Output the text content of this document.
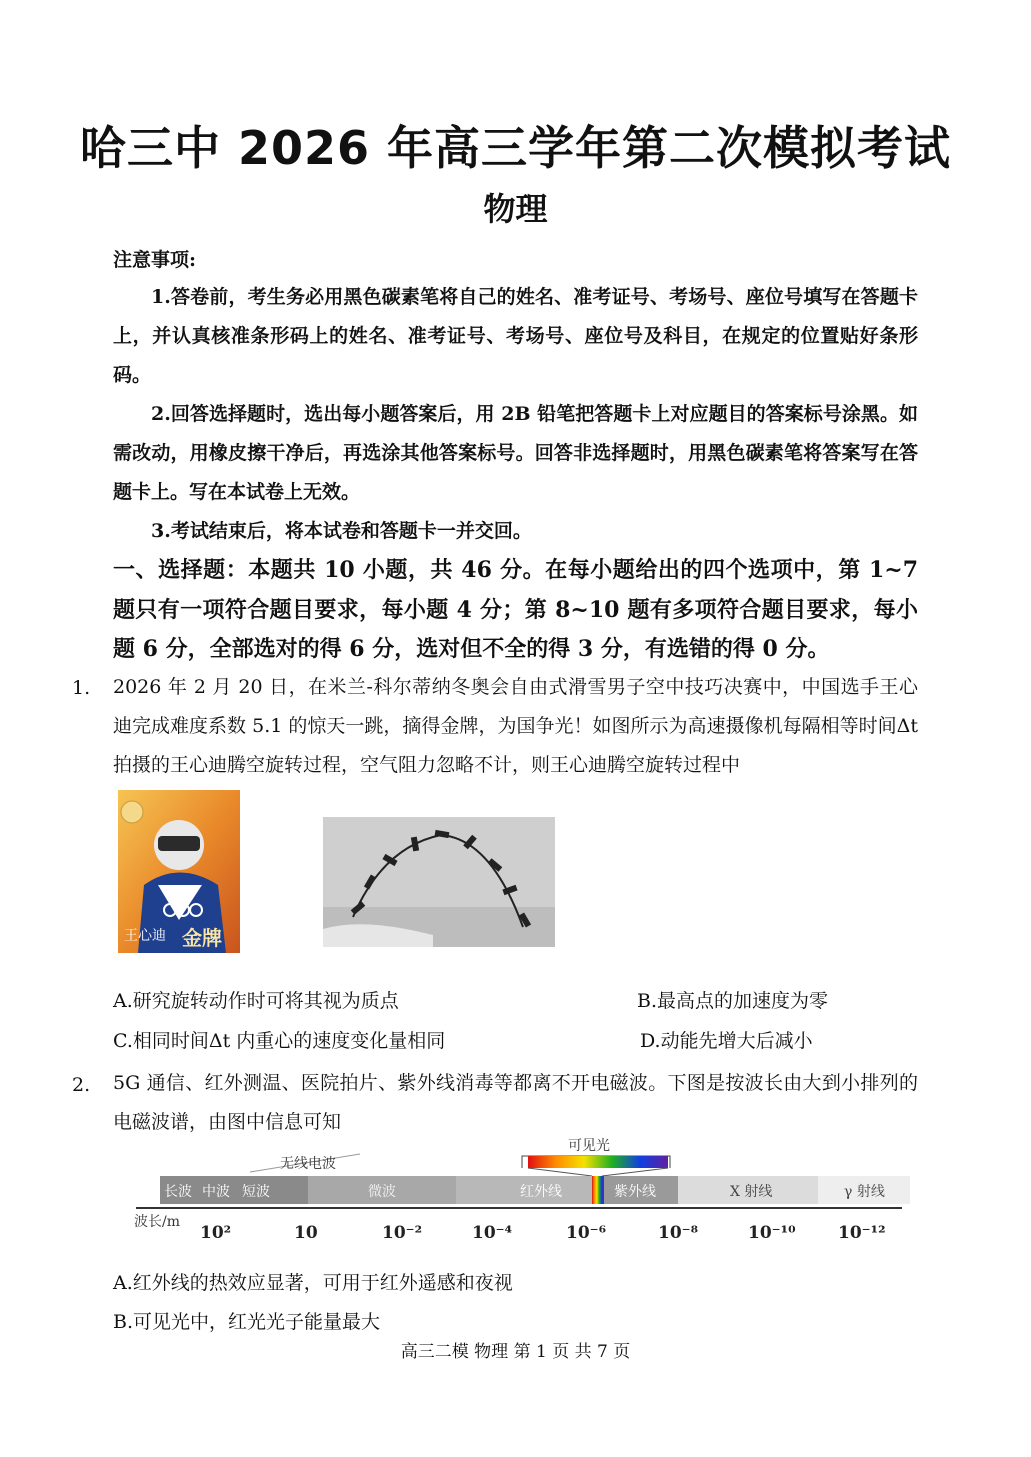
哈三中 2026 年高三学年第二次模拟考试
物理
注意事项:
1.答卷前，考生务必用黑色碳素笔将自己的姓名、准考证号、考场号、座位号填写在答题卡上，并认真核准条形码上的姓名、准考证号、考场号、座位号及科目，在规定的位置贴好条形码。
2.回答选择题时，选出每小题答案后，用 2B 铅笔把答题卡上对应题目的答案标号涂黑。如需改动，用橡皮擦干净后，再选涂其他答案标号。回答非选择题时，用黑色碳素笔将答案写在答题卡上。写在本试卷上无效。
3.考试结束后，将本试卷和答题卡一并交回。
一、选择题：本题共 10 小题，共 46 分。在每小题给出的四个选项中，第 1~7 题只有一项符合题目要求，每小题 4 分；第 8~10 题有多项符合题目要求，每小题 6 分，全部选对的得 6 分，选对但不全的得 3 分，有选错的得 0 分。
1. 2026 年 2 月 20 日，在米兰-科尔蒂纳冬奥会自由式滑雪男子空中技巧决赛中，中国选手王心迪完成难度系数 5.1 的惊天一跳，摘得金牌，为国争光！如图所示为高速摄像机每隔相等时间Δt 拍摄的王心迪腾空旋转过程，空气阻力忽略不计，则王心迪腾空旋转过程中
王心迪 金牌
A.研究旋转动作时可将其视为质点	B.最高点的加速度为零
C.相同时间Δt 内重心的速度变化量相同	D.动能先增大后减小
2. 5G 通信、红外测温、医院拍片、紫外线消毒等都离不开电磁波。下图是按波长由大到小排列的电磁波谱，由图中信息可知
可见光
无线电波
长波 中波 短波	微波	红外线	紫外线	X 射线	γ 射线
波长/m
10²	10	10⁻²	10⁻⁴	10⁻⁶	10⁻⁸	10⁻¹⁰ 10⁻¹²
A.红外线的热效应显著，可用于红外遥感和夜视
B.可见光中，红光光子能量最大
高三二模 物理 第 1 页 共 7 页
